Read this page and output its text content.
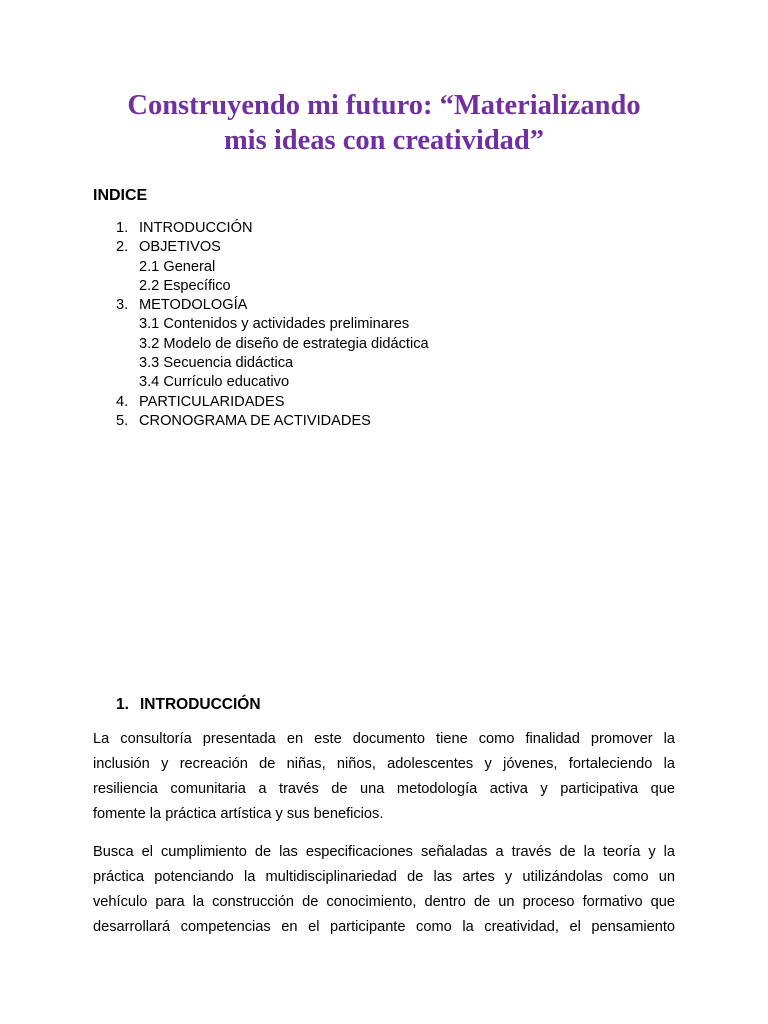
Construyendo mi futuro: “Materializando
mis ideas con creatividad”
INDICE
1. INTRODUCCIÓN
2. OBJETIVOS
2.1 General
2.2 Específico
3. METODOLOGÍA
3.1 Contenidos y actividades preliminares
3.2 Modelo de diseño de estrategia didáctica
3.3 Secuencia didáctica
3.4 Currículo educativo
4. PARTICULARIDADES
5. CRONOGRAMA DE ACTIVIDADES
1. INTRODUCCIÓN

La consultoría presentada en este documento tiene como finalidad promover la
inclusión y recreación de niñas, niños, adolescentes y jóvenes, fortaleciendo la
resiliencia comunitaria a través de una metodología activa y participativa que
fomente la práctica artística y sus beneficios.

Busca el cumplimiento de las especificaciones señaladas a través de la teoría y la
práctica potenciando la multidisciplinariedad de las artes y utilizándolas como un
vehículo para la construcción de conocimiento, dentro de un proceso formativo que
desarrollará competencias en el participante como la creatividad, el pensamiento
